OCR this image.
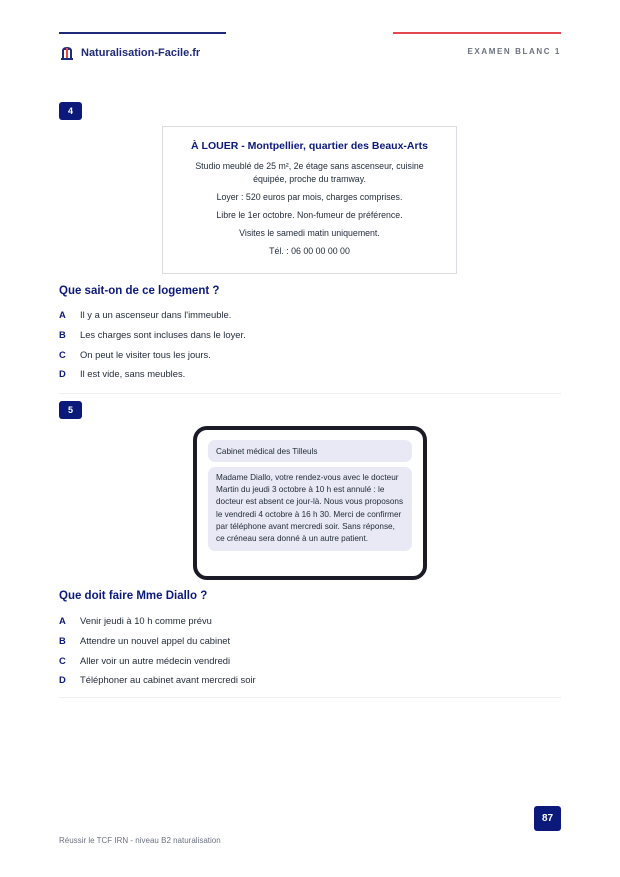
Naturalisation-Facile.fr	EXAMEN BLANC 1
4
À LOUER - Montpellier, quartier des Beaux-Arts
Studio meublé de 25 m², 2e étage sans ascenseur, cuisine équipée, proche du tramway.
Loyer : 520 euros par mois, charges comprises.
Libre le 1er octobre. Non-fumeur de préférence.
Visites le samedi matin uniquement.
Tél. : 06 00 00 00 00
Que sait-on de ce logement ?
A	Il y a un ascenseur dans l'immeuble.
B	Les charges sont incluses dans le loyer.
C	On peut le visiter tous les jours.
D	Il est vide, sans meubles.
5
Cabinet médical des Tilleuls
Madame Diallo, votre rendez-vous avec le docteur Martin du jeudi 3 octobre à 10 h est annulé : le docteur est absent ce jour-là. Nous vous proposons le vendredi 4 octobre à 16 h 30. Merci de confirmer par téléphone avant mercredi soir. Sans réponse, ce créneau sera donné à un autre patient.
Que doit faire Mme Diallo ?
A	Venir jeudi à 10 h comme prévu
B	Attendre un nouvel appel du cabinet
C	Aller voir un autre médecin vendredi
D	Téléphoner au cabinet avant mercredi soir
87
Réussir le TCF IRN - niveau B2 naturalisation
